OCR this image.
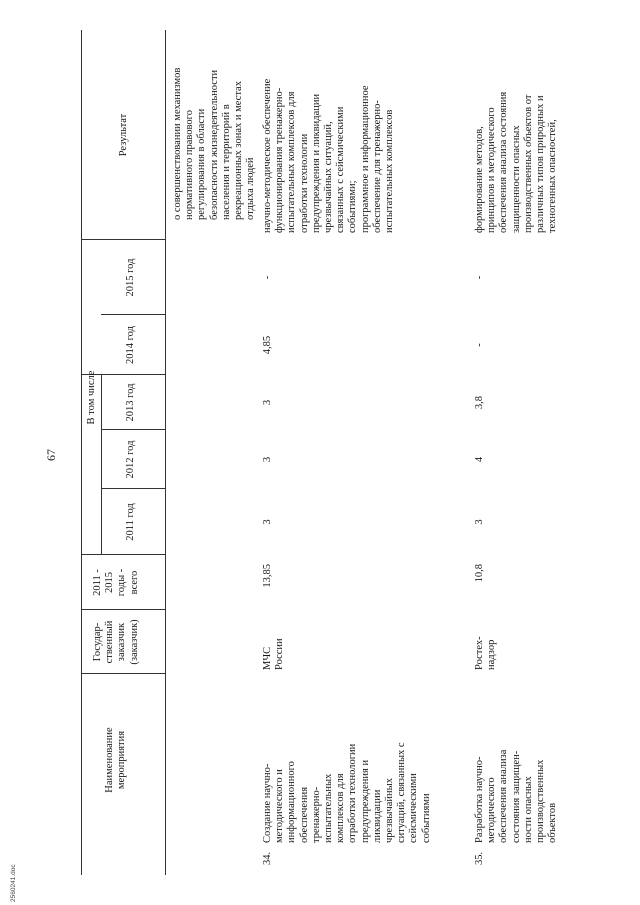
67
Наименование
мероприятия
Государ-
ственный
заказчик
(заказчик)
2011 -
2015
годы -
всего
В том числе
2011 год
2012 год
2013 год
2014 год
2015 год
Результат
о совершенствовании механизмов
нормативного правового
регулирования в области
безопасности жизнедеятельности
населения и территорий в
рекреационных зонах и местах
отдыха людей
34.
Создание научно-
методического и
информационного
обеспечения
тренажерно-
испытательных
комплексов для
отработки технологии
предупреждения и
ликвидации
чрезвычайных
ситуаций, связанных с
сейсмическими
событиями
МЧС
России
13,85
3
3
3
4,85
-
научно-методическое обеспечение
функционирования тренажерно-
испытательных комплексов для
отработки технологии
предупреждения и ликвидации
чрезвычайных ситуаций,
связанных с сейсмическими
событиями;
программное и информационное
обеспечение для тренажерно-
испытательных комплексов
35.
Разработка научно-
методического
обеспечения анализа
состояния защищен-
ности опасных
производственных
объектов
Ростех-
надзор
10,8
3
4
3,8
-
-
формирование методов,
принципов и методического
обеспечения анализа состояния
защищенности опасных
производственных объектов от
различных типов природных и
техногенных опасностей,
2560241.doc
